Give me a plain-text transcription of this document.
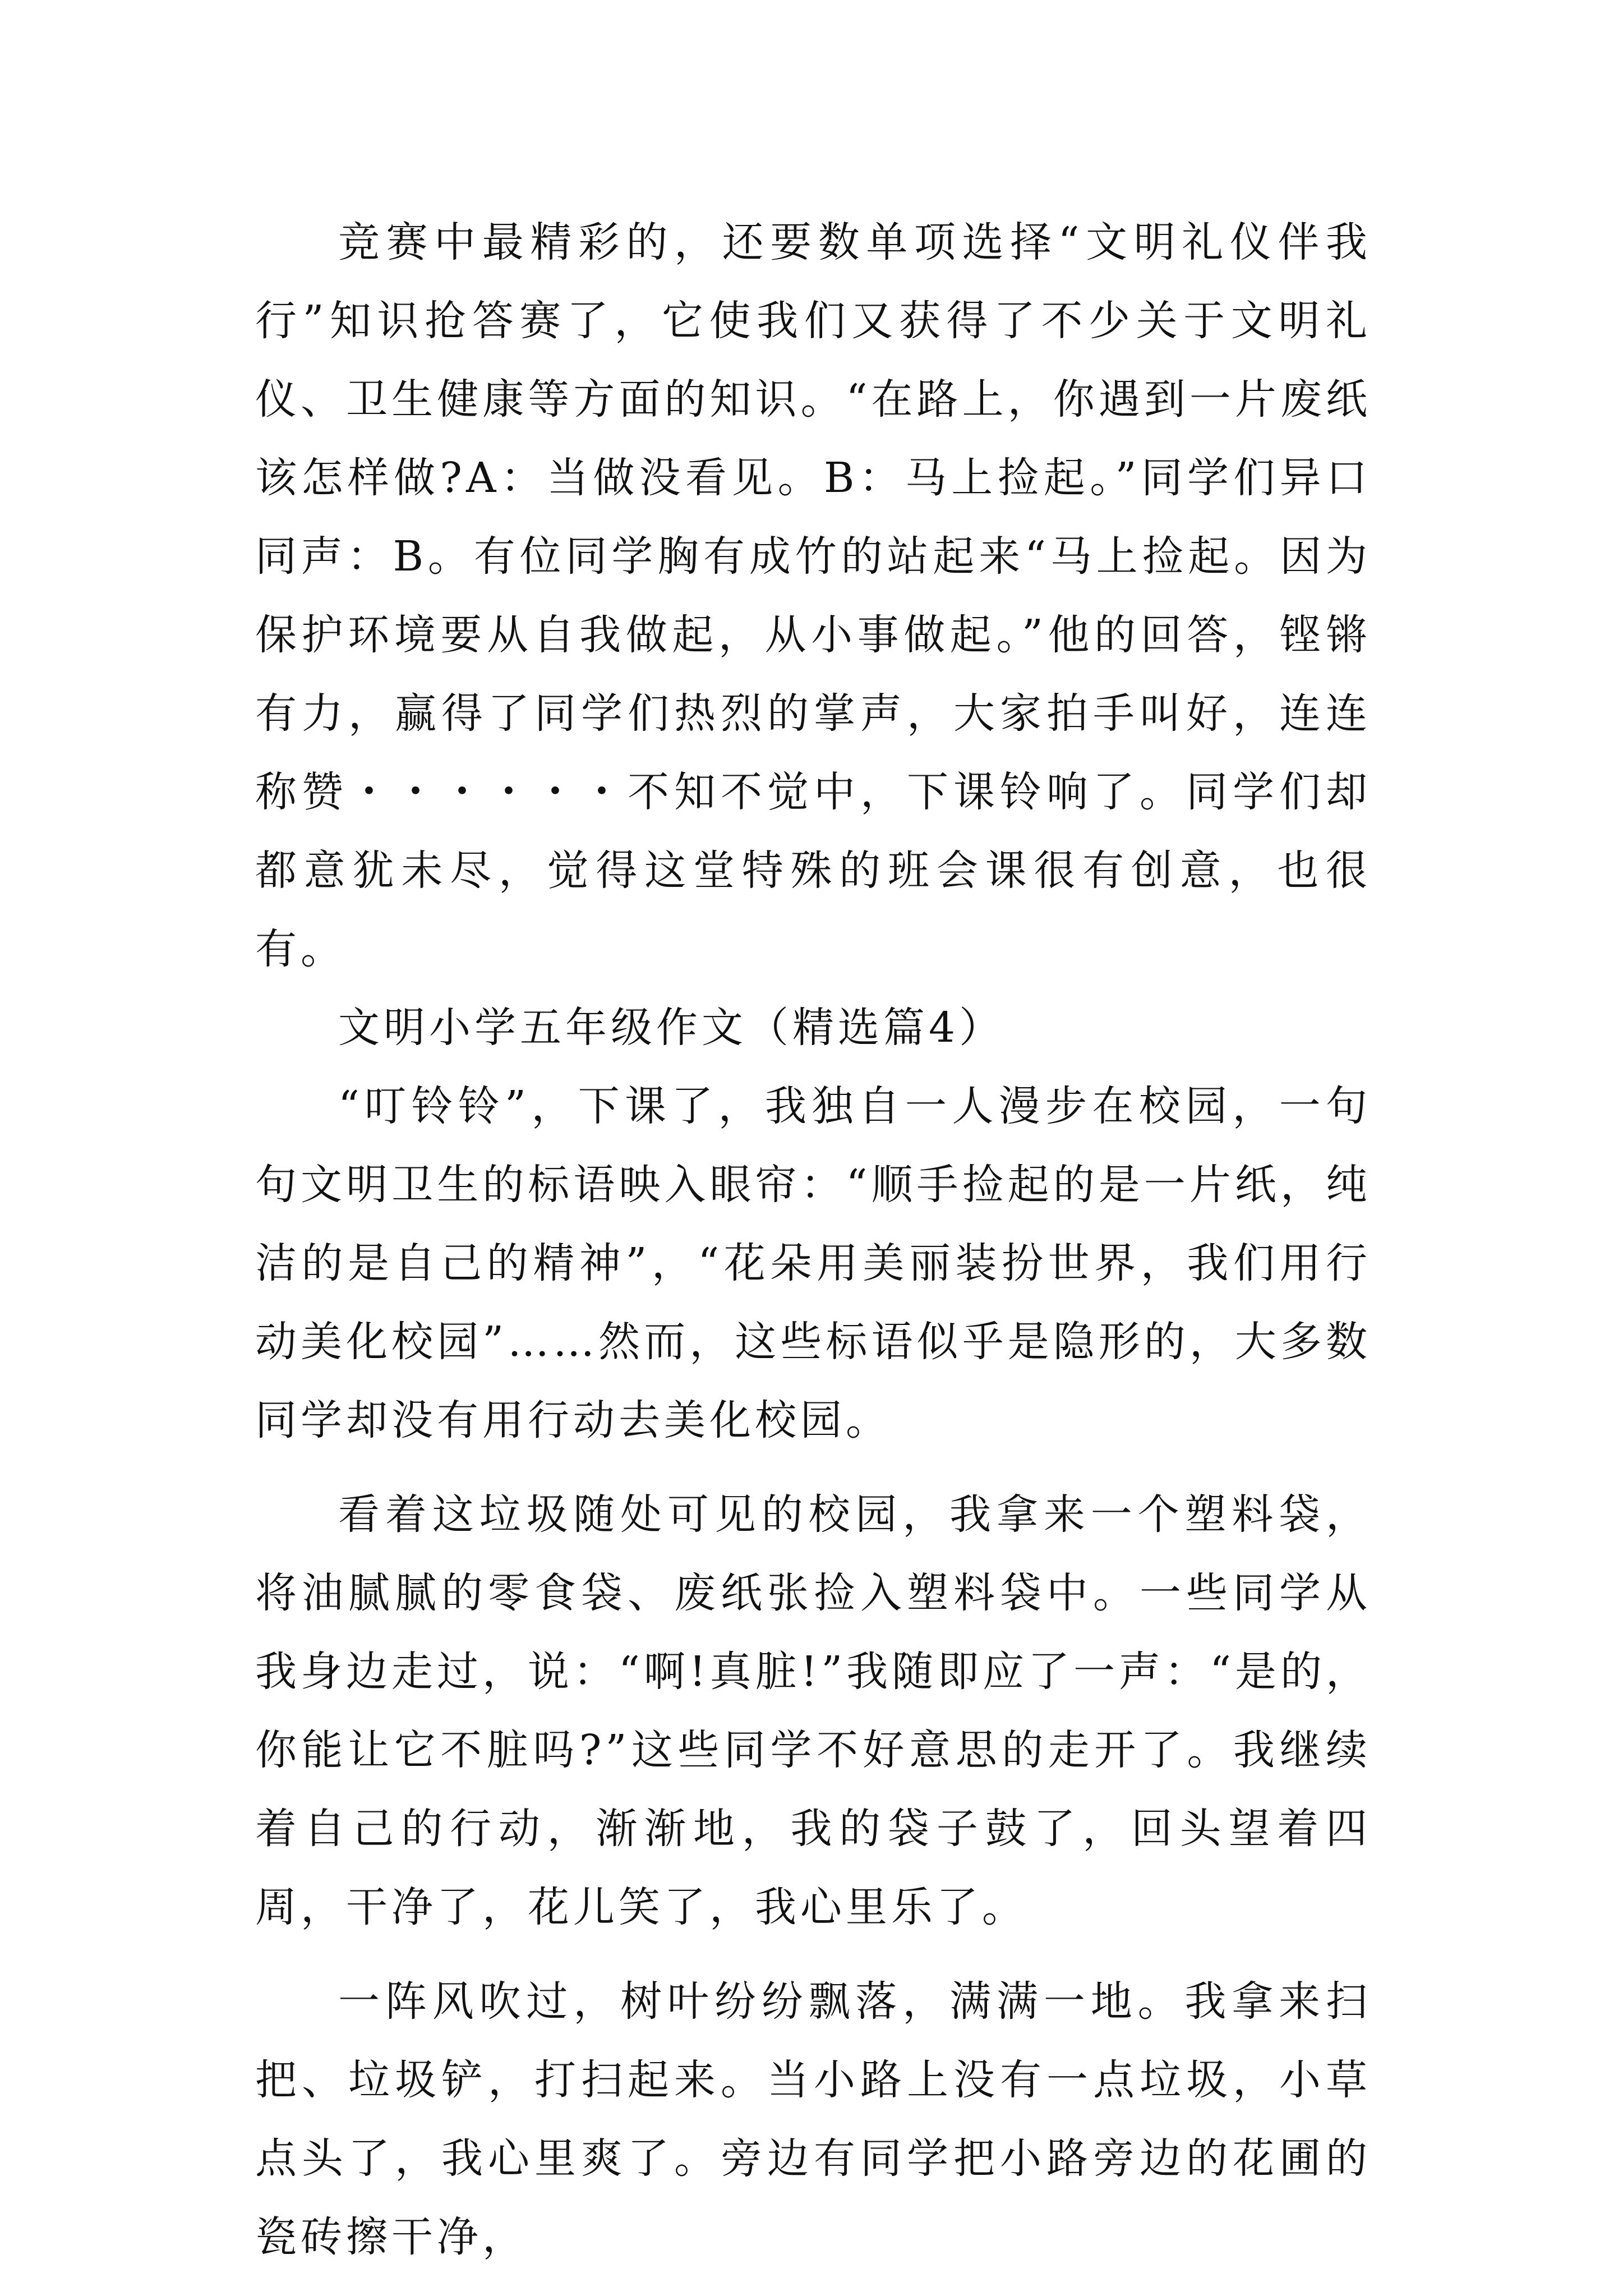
竞赛中最精彩的，还要数单项选择“文明礼仪伴我行”知识抢答赛了，它使我们又获得了不少关于文明礼仪、卫生健康等方面的知识。“在路上，你遇到一片废纸该怎样做?A：当做没看见。B：马上捡起。”同学们异口同声：B。有位同学胸有成竹的站起来“马上捡起。因为保护环境要从自我做起，从小事做起。”他的回答，铿锵有力，赢得了同学们热烈的掌声，大家拍手叫好，连连称赞・・・・・・不知不觉中，下课铃响了。同学们却都意犹未尽，觉得这堂特殊的班会课很有创意，也很有。

文明小学五年级作文（精选篇4）

“叮铃铃”，下课了，我独自一人漫步在校园，一句句文明卫生的标语映入眼帘：“顺手捡起的是一片纸，纯洁的是自己的精神”，“花朵用美丽装扮世界，我们用行动美化校园”……然而，这些标语似乎是隐形的，大多数同学却没有用行动去美化校园。

看着这垃圾随处可见的校园，我拿来一个塑料袋，将油腻腻的零食袋、废纸张捡入塑料袋中。一些同学从我身边走过，说：“啊!真脏!”我随即应了一声：“是的，你能让它不脏吗?”这些同学不好意思的走开了。我继续着自己的行动，渐渐地，我的袋子鼓了，回头望着四周，干净了，花儿笑了，我心里乐了。

一阵风吹过，树叶纷纷飘落，满满一地。我拿来扫把、垃圾铲，打扫起来。当小路上没有一点垃圾，小草点头了，我心里爽了。旁边有同学把小路旁边的花圃的瓷砖擦干净，
